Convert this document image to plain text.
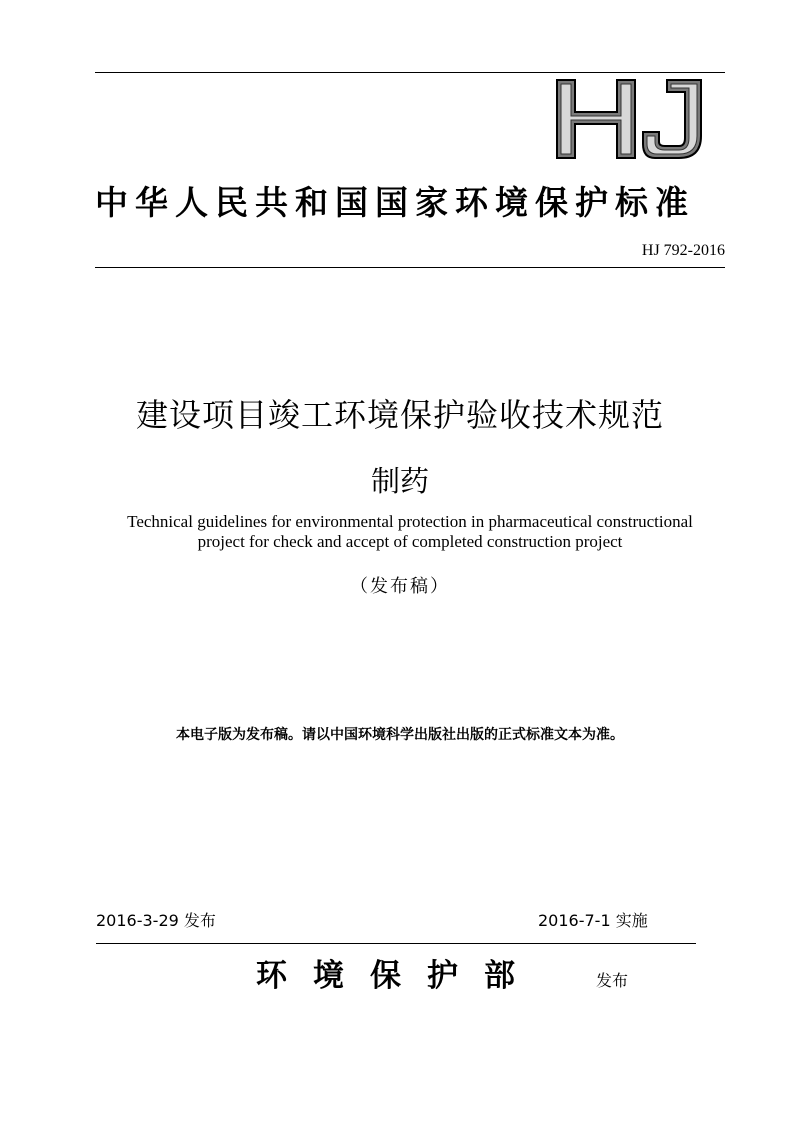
中华人民共和国国家环境保护标准
HJ 792-2016
建设项目竣工环境保护验收技术规范
制药
Technical guidelines for environmental protection in pharmaceutical constructional
project for check and accept of completed construction project
（发布稿）
本电子版为发布稿。请以中国环境科学出版社出版的正式标准文本为准。
2016-3-29 发布	2016-7-1 实施
环境保护部	发布
